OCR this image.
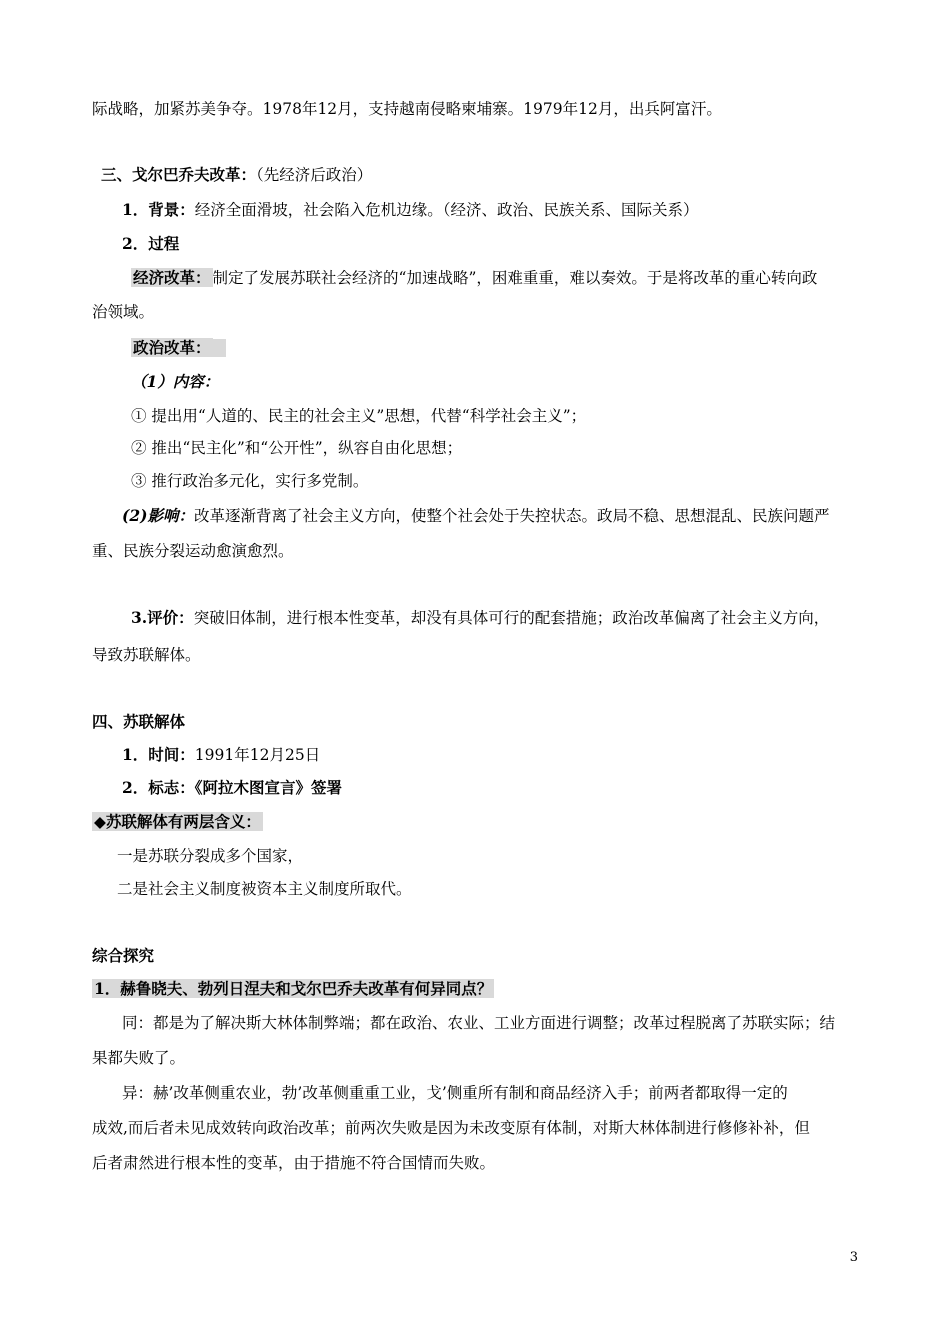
际战略，加紧苏美争夺。1978年12月，支持越南侵略柬埔寨。1979年12月，出兵阿富汗。
三、戈尔巴乔夫改革：（先经济后政治）
1．背景：经济全面滑坡，社会陷入危机边缘。（经济、政治、民族关系、国际关系）
2．过程
经济改革： 制定了发展苏联社会经济的“加速战略”，困难重重，难以奏效。于是将改革的重心转向政
治领域。
政治改革：
（1）内容：
① 提出用“人道的、民主的社会主义”思想，代替“科学社会主义”；
② 推出“民主化”和“公开性”，纵容自由化思想；
③ 推行政治多元化，实行多党制。
(2)影响：改革逐渐背离了社会主义方向，使整个社会处于失控状态。政局不稳、思想混乱、民族问题严
重、民族分裂运动愈演愈烈。
3.评价：突破旧体制，进行根本性变革，却没有具体可行的配套措施；政治改革偏离了社会主义方向，
导致苏联解体。
四、苏联解体
1．时间：1991年12月25日
2．标志：《阿拉木图宣言》签署
◆苏联解体有两层含义：
一是苏联分裂成多个国家，
二是社会主义制度被资本主义制度所取代。
综合探究
1．赫鲁晓夫、勃列日涅夫和戈尔巴乔夫改革有何异同点？
同：都是为了解决斯大林体制弊端；都在政治、农业、工业方面进行调整；改革过程脱离了苏联实际；结
果都失败了。
异：赫’改革侧重农业，勃’改革侧重重工业，戈’侧重所有制和商品经济入手；前两者都取得一定的
成效,而后者未见成效转向政治改革；前两次失败是因为未改变原有体制，对斯大林体制进行修修补补，但
后者肃然进行根本性的变革，由于措施不符合国情而失败。
3
